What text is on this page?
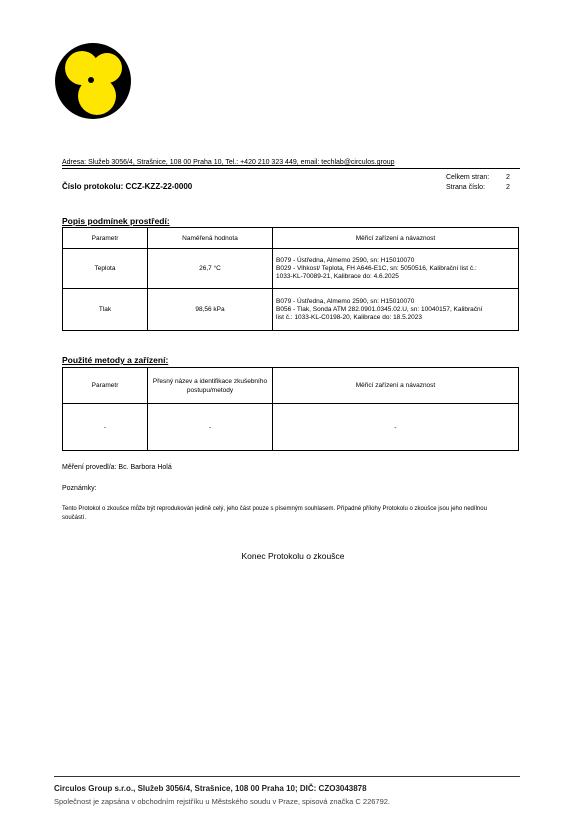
Adresa: Služeb 3056/4, Strašnice, 108 00 Praha 10, Tel.: +420 210 323 449, email: techlab@circulos.group
Číslo protokolu: CCZ-KZZ-22-0000
Celkem stran: 2
Strana číslo:	2
Popis podmínek prostředí:
Parametr	Naměřená hodnota	Měřicí zařízení a návaznost
Teplota	26,7 °C	B079 - Ústředna, Almemo 2590, sn: H15010070
B029 - Vlhkost/ Teplota, FH A646-E1C, sn: 5050516, Kalibrační list č.:
1033-KL-70089-21, Kalibrace do: 4.6.2025

Tlak	98,56 kPa	B079 - Ústředna, Almemo 2590, sn: H15010070
B056 - Tlak, Sonda ATM 282.0901.0345.02.U, sn: 10040157, Kalibrační
list č.: 1033-KL-C0198-20, Kalibrace do: 18.5.2023
Použité metody a zařízení:
Parametr	Přesný název a identifikace zkušebního postupu/metody	Měřicí zařízení a návaznost
-	-	-
Měření provedl/a: Bc. Barbora Holá
Poznámky:
Tento Protokol o zkoušce může být reprodukován jedině celý, jeho část pouze s písemným souhlasem. Případné přílohy Protokolu o zkoušce jsou jeho nedílnou součástí.
Konec Protokolu o zkoušce
Circulos Group s.r.o., Služeb 3056/4, Strašnice, 108 00 Praha 10; DIČ: CZO3043878
Společnost je zapsána v obchodním rejstříku u Městského soudu v Praze, spisová značka C 226792.
